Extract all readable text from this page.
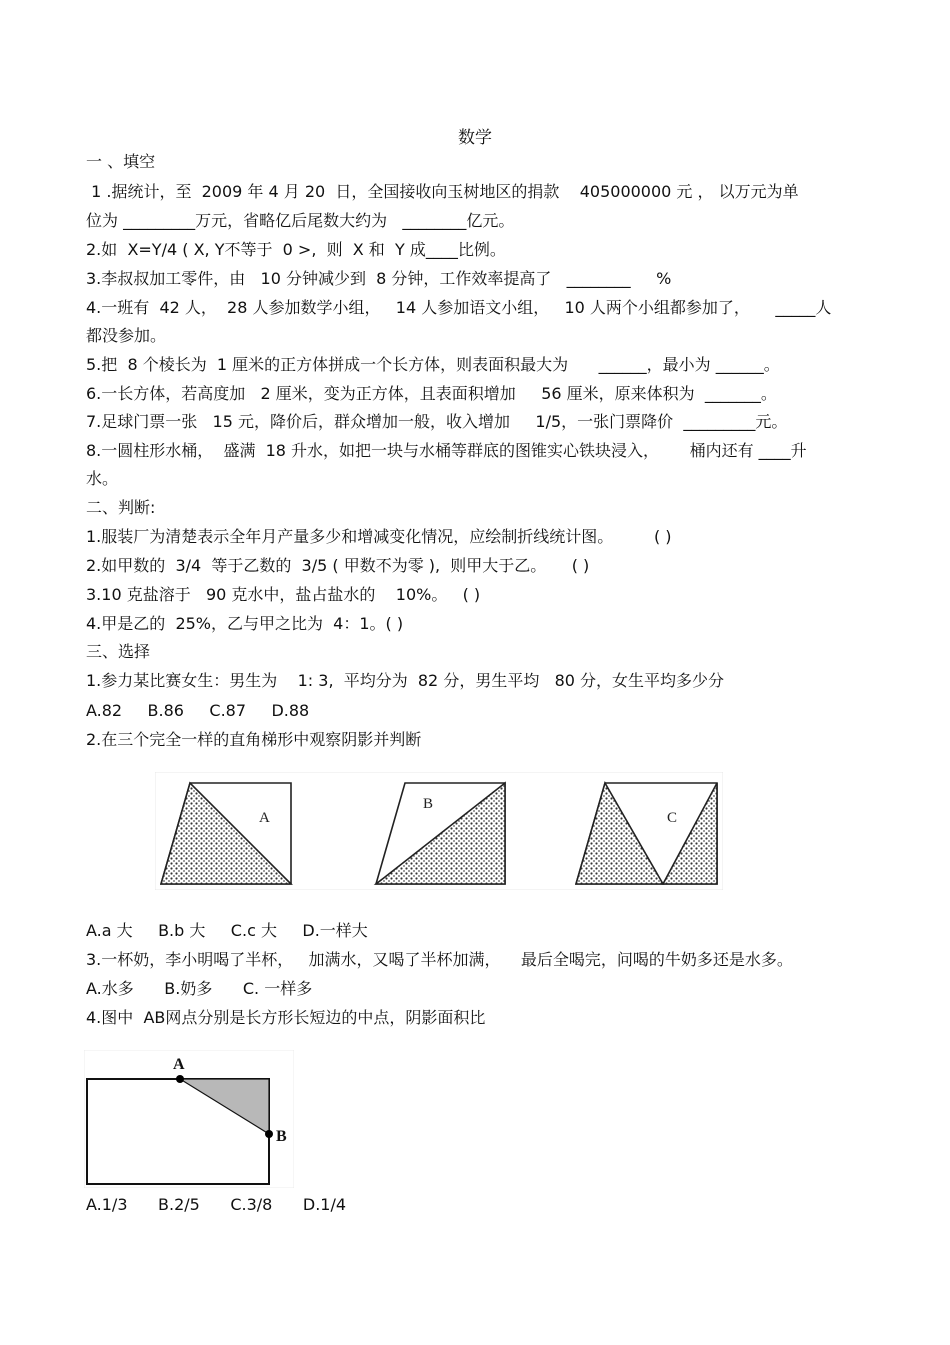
数学
一 、填空
1 .据统计，至  2009 年 4 月 20  日，全国接收向玉树地区的捐款    405000000 元 ， 以万元为单
位为 _________万元，省略亿后尾数大约为   ________亿元。
2.如  X=Y/4 ( X, Y不等于  0 >,  则  X 和  Y 成____比例。
3.李叔叔加工零件，由   10 分钟减少到  8 分钟，工作效率提高了   ________     %
4.一班有  42 人，  28 人参加数学小组，   14 人参加语文小组，   10 人两个小组都参加了，     _____人
都没参加。
5.把  8 个棱长为  1 厘米的正方体拼成一个长方体，则表面积最大为      ______，最小为 ______。
6.一长方体，若高度加   2 厘米，变为正方体，且表面积增加     56 厘米，原来体积为  _______。
7.足球门票一张   15 元，降价后，群众增加一般，收入增加     1/5，一张门票降价  _________元。
8.一圆柱形水桶，  盛满  18 升水，如把一块与水桶等群底的图锥实心铁块浸入，      桶内还有 ____升
水。
二、判断:
1.服装厂为清楚表示全年月产量多少和增减变化情况，应绘制折线统计图。        ( )
2.如甲数的  3/4  等于乙数的  3/5 ( 甲数不为零 ),  则甲大于乙。     ( )
3.10 克盐溶于   90 克水中，盐占盐水的    10%。   ( )
4.甲是乙的  25%，乙与甲之比为  4：1。( )
三、选择
1.参力某比赛女生：男生为    1: 3,  平均分为  82 分，男生平均   80 分，女生平均多少分
A.82     B.86     C.87     D.88
2.在三个完全一样的直角梯形中观察阴影并判断
A
B
C
A.a 大     B.b 大     C.c 大     D.一样大
3.一杯奶，李小明喝了半杯，   加满水，又喝了半杯加满，    最后全喝完，问喝的牛奶多还是水多。
A.水多      B.奶多      C. 一样多
4.图中  AB网点分别是长方形长短边的中点，阴影面积比
A
B
A.1/3      B.2/5      C.3/8      D.1/4
